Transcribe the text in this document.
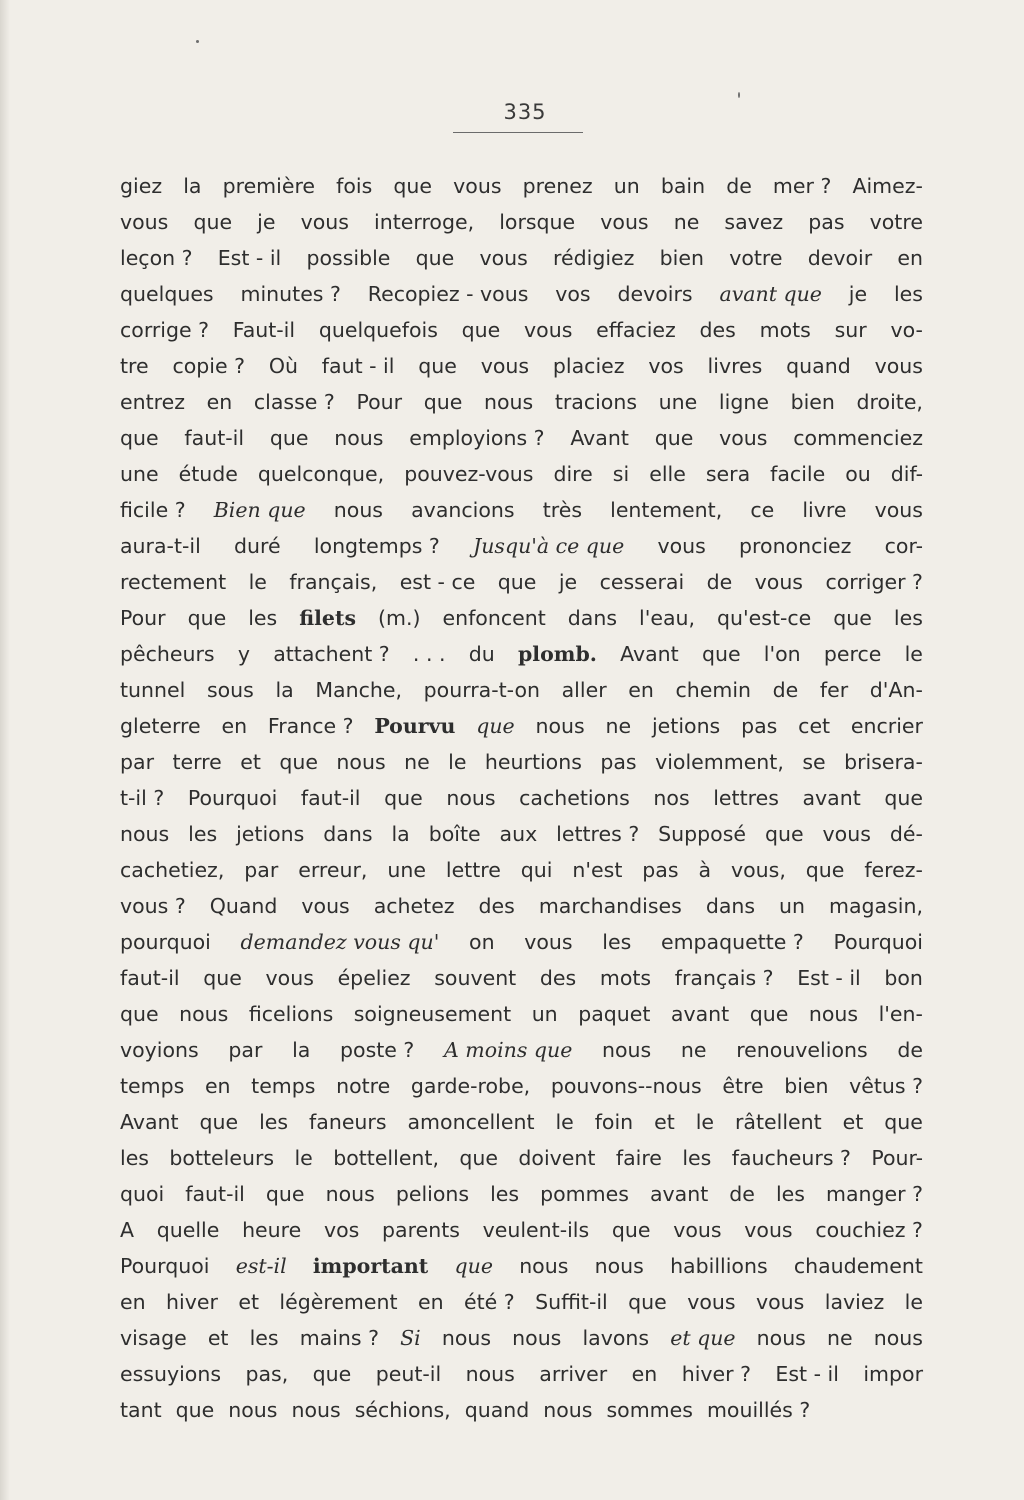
335
giez la première fois que vous prenez un bain de mer ? Aimez-
vous que je vous interroge, lorsque vous ne savez pas votre
leçon ? Est - il possible que vous rédigiez bien votre devoir en
quelques minutes ? Recopiez - vous vos devoirs avant que je les
corrige ? Faut-il quelquefois que vous effaciez des mots sur vo-
tre copie ? Où faut - il que vous placiez vos livres quand vous
entrez en classe ? Pour que nous tracions une ligne bien droite,
que faut-il que nous employions ? Avant que vous commenciez
une étude quelconque, pouvez-vous dire si elle sera facile ou dif-
ficile ? Bien que nous avancions très lentement, ce livre vous
aura-t-il duré longtemps ? Jusqu'à ce que vous prononciez cor-
rectement le français, est - ce que je cesserai de vous corriger ?
Pour que les filets (m.) enfoncent dans l'eau, qu'est-ce que les
pêcheurs y attachent ? . . . du plomb. Avant que l'on perce le
tunnel sous la Manche, pourra-t-on aller en chemin de fer d'An-
gleterre en France ? Pourvu que nous ne jetions pas cet encrier
par terre et que nous ne le heurtions pas violemment, se brisera-
t-il ? Pourquoi faut-il que nous cachetions nos lettres avant que
nous les jetions dans la boîte aux lettres ? Supposé que vous dé-
cachetiez, par erreur, une lettre qui n'est pas à vous, que ferez-
vous ? Quand vous achetez des marchandises dans un magasin,
pourquoi demandez vous qu' on vous les empaquette ? Pourquoi
faut-il que vous épeliez souvent des mots français ? Est - il bon
que nous ficelions soigneusement un paquet avant que nous l'en-
voyions par la poste ? A moins que nous ne renouvelions de
temps en temps notre garde-robe, pouvons--nous être bien vêtus ?
Avant que les faneurs amoncellent le foin et le râtellent et que
les botteleurs le bottellent, que doivent faire les faucheurs ? Pour-
quoi faut-il que nous pelions les pommes avant de les manger ?
A quelle heure vos parents veulent-ils que vous vous couchiez ?
Pourquoi est-il important que nous nous habillions chaudement
en hiver et légèrement en été ? Suffit-il que vous vous laviez le
visage et les mains ? Si nous nous lavons et que nous ne nous
essuyions pas, que peut-il nous arriver en hiver ? Est - il impor
tant que nous nous séchions, quand nous sommes mouillés ?
